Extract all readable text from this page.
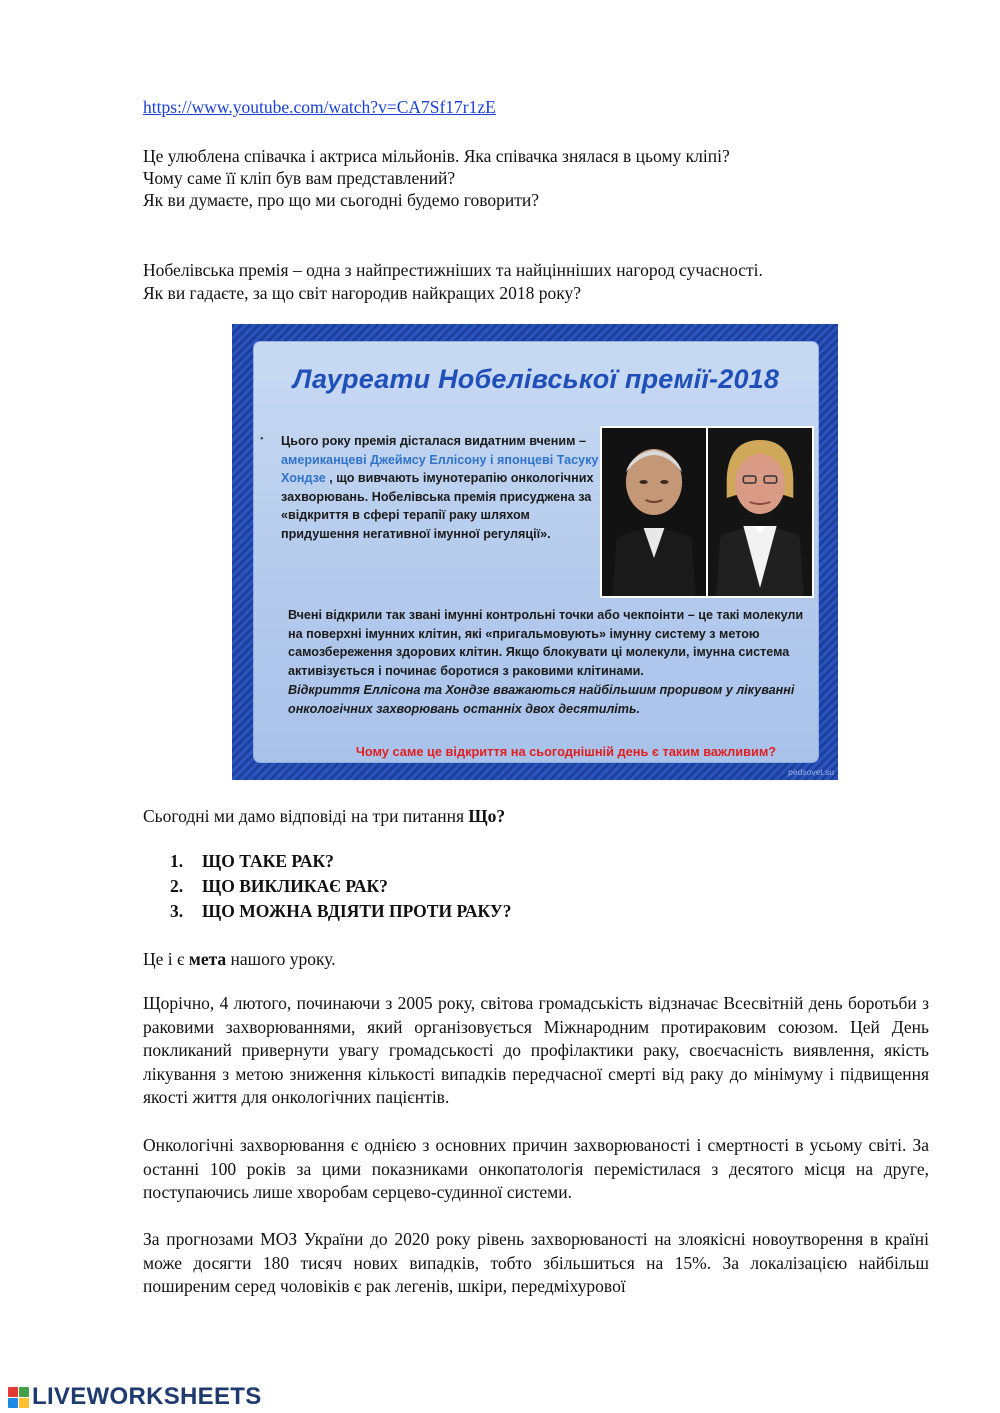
https://www.youtube.com/watch?v=CA7Sf17r1zE
Це улюблена співачка і актриса мільйонів. Яка співачка знялася в цьому кліпі?
Чому саме її кліп був вам представлений?
Як ви думаєте, про що ми сьогодні будемо говорити?
Нобелівська премія – одна з найпрестижніших та найцінніших нагород сучасності.
Як ви гадаєте, за що світ нагородив найкращих 2018 року?
Лауреати Нобелівської премії-2018
• Цього року премія дісталася видатним вченим – американцеві Джеймсу Еллісону і японцеві Тасуку Хондзе , що вивчають імунотерапію онкологічних захворювань. Нобелівська премія присуджена за «відкриття в сфері терапії раку шляхом придушення негативної імунної регуляції».
Вчені відкрили так звані імунні контрольні точки або чекпоінти – це такі молекули на поверхні імунних клітин, які «пригальмовують» імунну систему з метою самозбереження здорових клітин. Якщо блокувати ці молекули, імунна система активізується і починає боротися з раковими клітинами.
Відкриття Еллісона та Хондзе вважаються найбільшим проривом у лікуванні онкологічних захворювань останніх двох десятиліть.
Чому саме це відкриття на сьогоднішній день є таким важливим?
pedsovet.su
Сьогодні ми дамо відповіді на три питання Що?
1. ЩО ТАКЕ РАК?
2. ЩО ВИКЛИКАЄ РАК?
3. ЩО МОЖНА ВДІЯТИ ПРОТИ РАКУ?
Це і є мета нашого уроку.
Щорічно, 4 лютого, починаючи з 2005 року, світова громадськість відзначає Всесвітній день боротьби з раковими захворюваннями, який організовується Міжнародним протираковим союзом. Цей День покликаний привернути увагу громадськості до профілактики раку, своєчасність виявлення, якість лікування з метою зниження кількості випадків передчасної смерті від раку до мінімуму і підвищення якості життя для онкологічних пацієнтів.
Онкологічні захворювання є однією з основних причин захворюваності і смертності в усьому світі. За останні 100 років за цими показниками онкопатологія перемістилася з десятого місця на друге, поступаючись лише хворобам серцево-судинної системи.
За прогнозами МОЗ України до 2020 року рівень захворюваності на злоякісні новоутворення в країні може досягти 180 тисяч нових випадків, тобто збільшиться на 15%. За локалізацією найбільш поширеним серед чоловіків є рак легенів, шкіри, передміхурової
LIVEWORKSHEETS
